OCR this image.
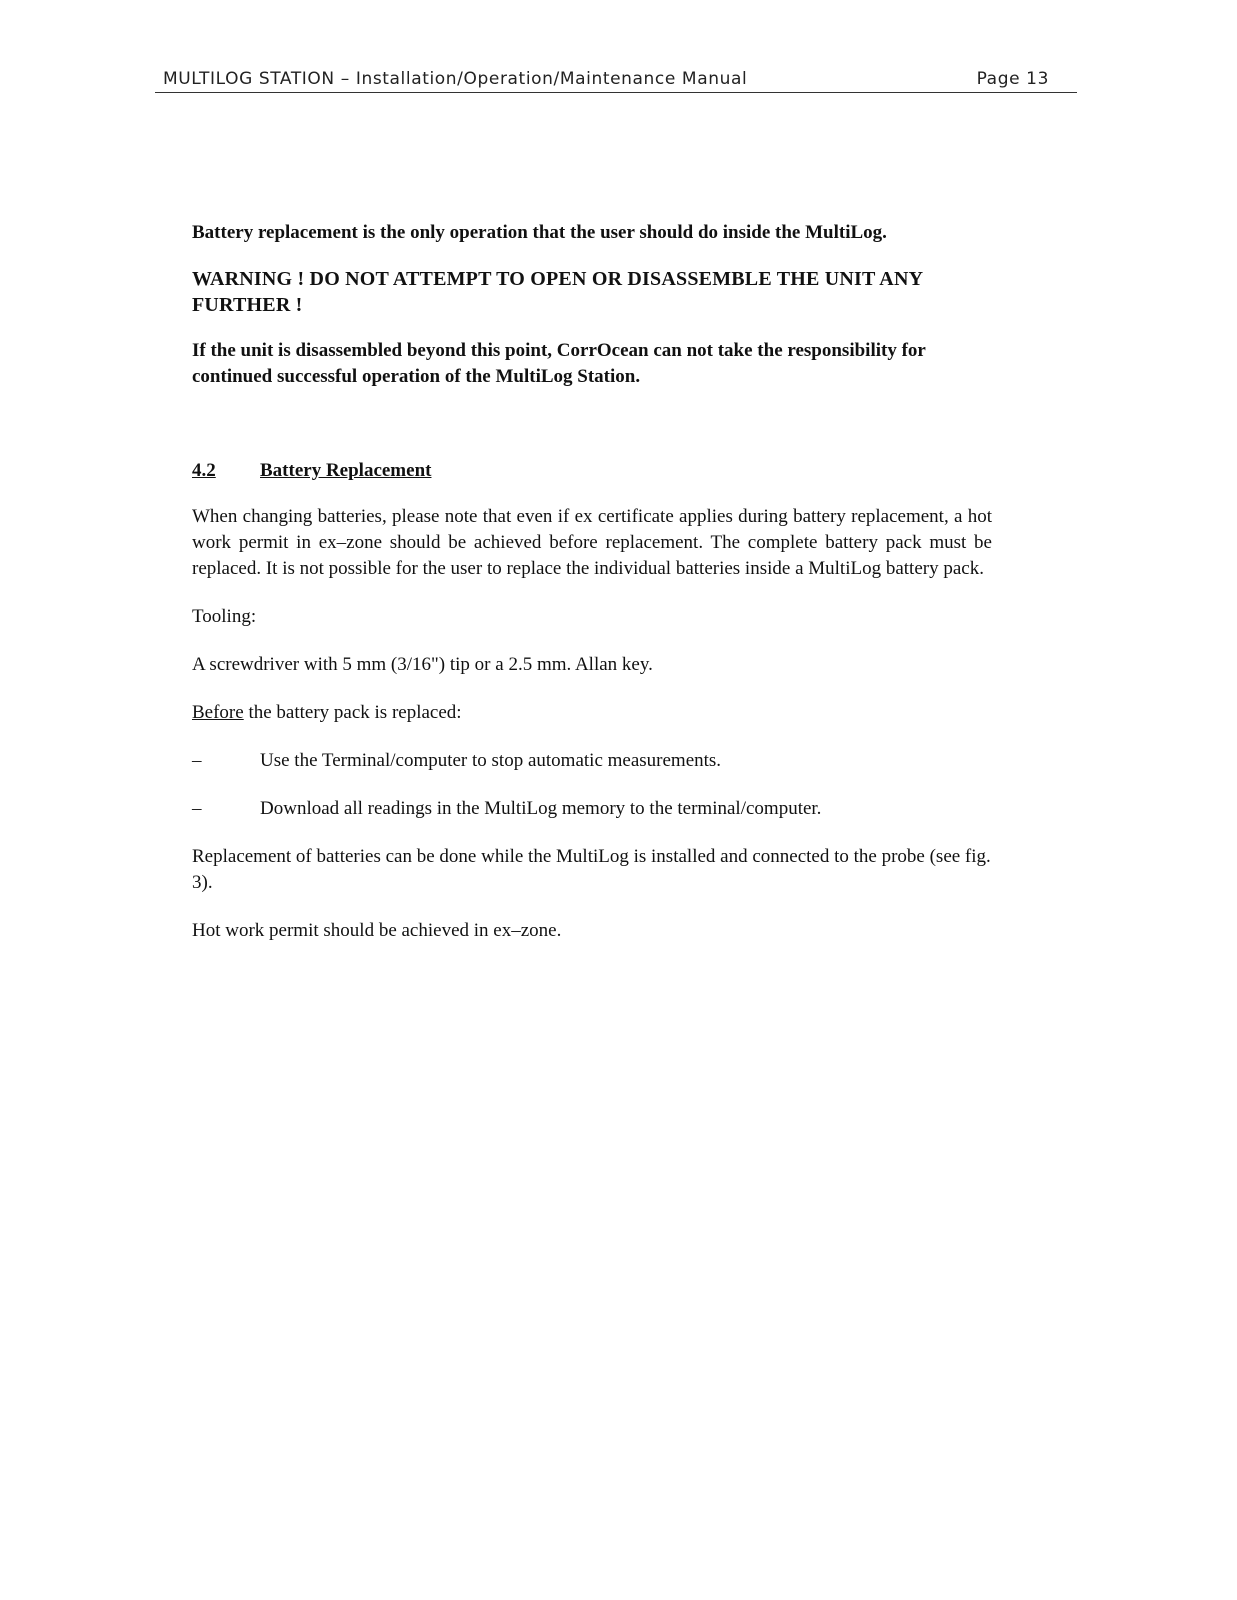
MULTILOG STATION – Installation/Operation/Maintenance Manual	Page 13

Battery replacement is the only operation that the user should do inside the MultiLog.

WARNING ! DO NOT ATTEMPT TO OPEN OR DISASSEMBLE THE UNIT ANY FURTHER !

If the unit is disassembled beyond this point, CorrOcean can not take the responsibility for continued successful operation of the MultiLog Station.

4.2 Battery Replacement

When changing batteries, please note that even if ex certificate applies during battery replacement, a hot work permit in ex–zone should be achieved before replacement. The complete battery pack must be replaced. It is not possible for the user to replace the individual batteries inside a MultiLog battery pack.

Tooling:

A screwdriver with 5 mm (3/16") tip or a 2.5 mm. Allan key.

Before the battery pack is replaced:

–	Use the Terminal/computer to stop automatic measurements.
–	Download all readings in the MultiLog memory to the terminal/computer.

Replacement of batteries can be done while the MultiLog is installed and connected to the probe (see fig. 3).

Hot work permit should be achieved in ex–zone.
